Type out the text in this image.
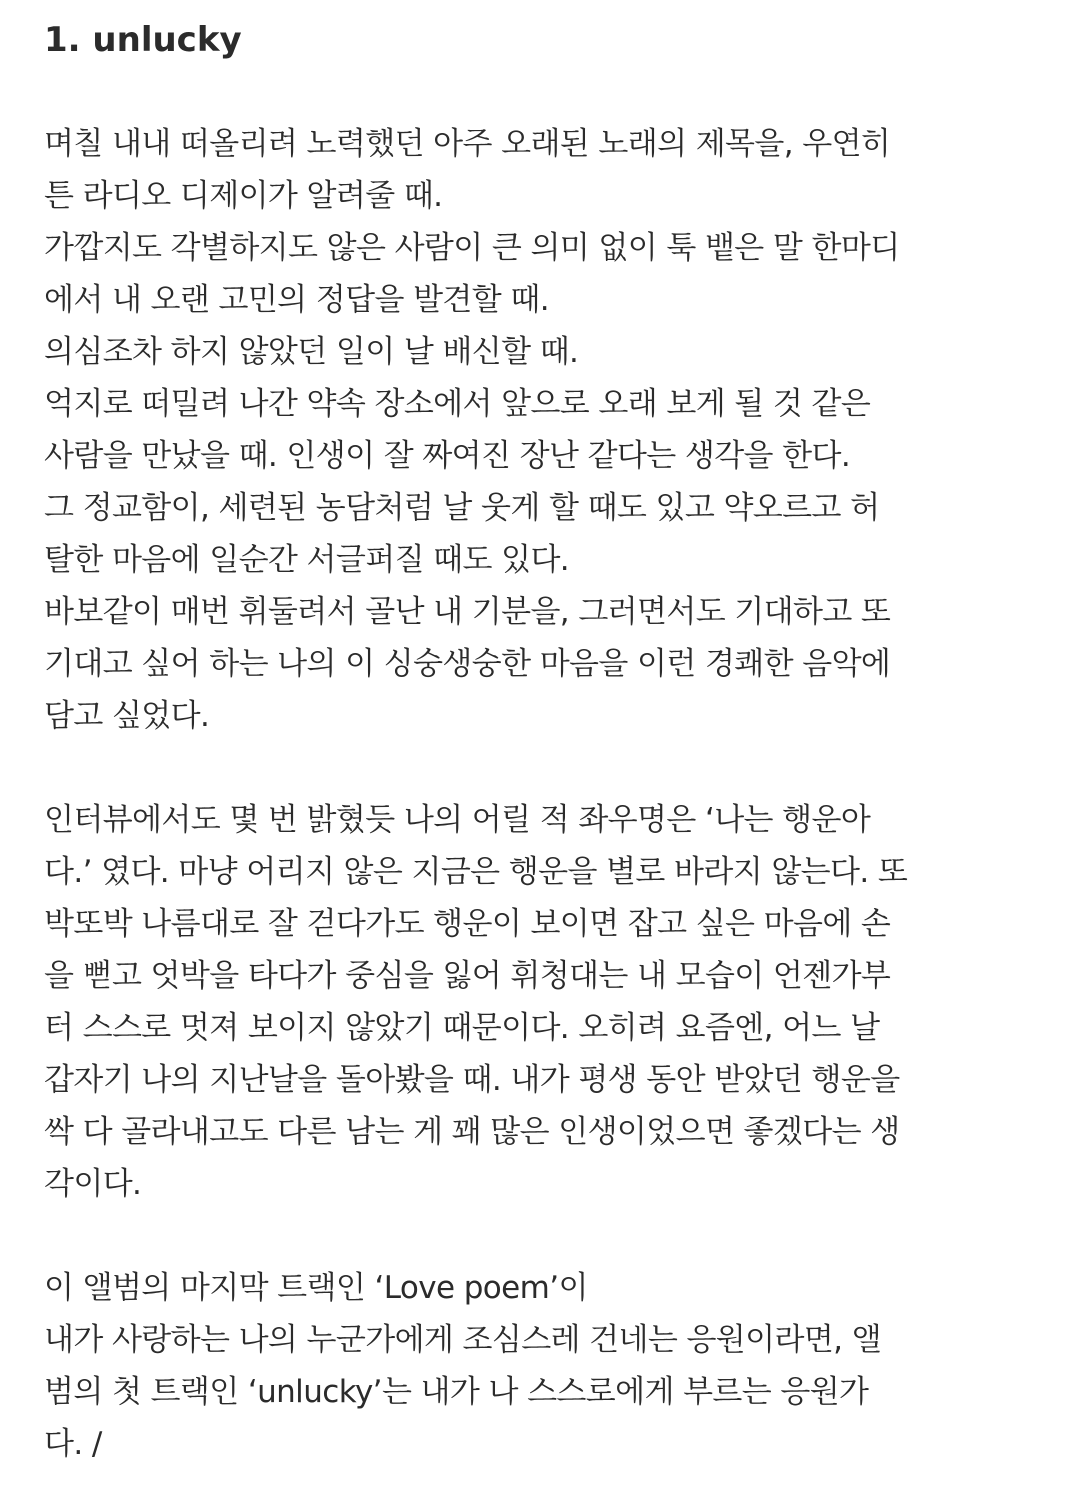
1. unlucky
며칠 내내 떠올리려 노력했던 아주 오래된 노래의 제목을, 우연히
튼 라디오 디제이가 알려줄 때.
가깝지도 각별하지도 않은 사람이 큰 의미 없이 툭 뱉은 말 한마디
에서 내 오랜 고민의 정답을 발견할 때.
의심조차 하지 않았던 일이 날 배신할 때.
억지로 떠밀려 나간 약속 장소에서 앞으로 오래 보게 될 것 같은
사람을 만났을 때. 인생이 잘 짜여진 장난 같다는 생각을 한다.
그 정교함이, 세련된 농담처럼 날 웃게 할 때도 있고 약오르고 허
탈한 마음에 일순간 서글퍼질 때도 있다.
바보같이 매번 휘둘려서 골난 내 기분을, 그러면서도 기대하고 또
기대고 싶어 하는 나의 이 싱숭생숭한 마음을 이런 경쾌한 음악에
담고 싶었다.
인터뷰에서도 몇 번 밝혔듯 나의 어릴 적 좌우명은 ‘나는 행운아
다.’ 였다. 마냥 어리지 않은 지금은 행운을 별로 바라지 않는다. 또
박또박 나름대로 잘 걷다가도 행운이 보이면 잡고 싶은 마음에 손
을 뻗고 엇박을 타다가 중심을 잃어 휘청대는 내 모습이 언젠가부
터 스스로 멋져 보이지 않았기 때문이다. 오히려 요즘엔, 어느 날
갑자기 나의 지난날을 돌아봤을 때. 내가 평생 동안 받았던 행운을
싹 다 골라내고도 다른 남는 게 꽤 많은 인생이었으면 좋겠다는 생
각이다.
이 앨범의 마지막 트랙인 ‘Love poem’이
내가 사랑하는 나의 누군가에게 조심스레 건네는 응원이라면, 앨
범의 첫 트랙인 ‘unlucky’는 내가 나 스스로에게 부르는 응원가
다. /
